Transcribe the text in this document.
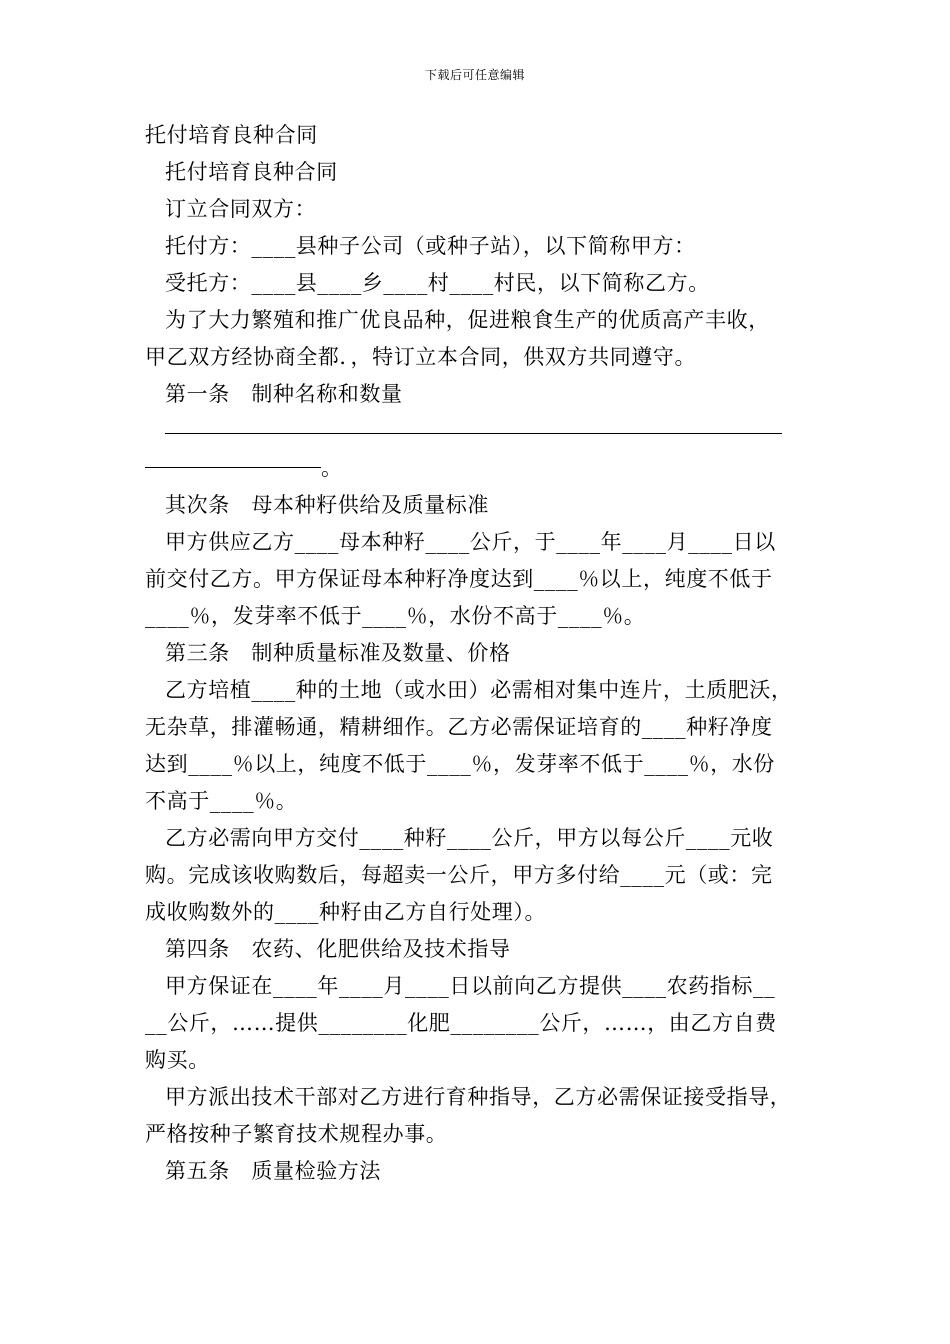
下载后可任意编辑
托付培育良种合同
托付培育良种合同
订立合同双方：
托付方：____县种子公司（或种子站），以下简称甲方：
受托方：____县____乡____村____村民，以下简称乙方。
为了大力繁殖和推广优良品种，促进粮食生产的优质高产丰收，
甲乙双方经协商全都．，特订立本合同，供双方共同遵守。
第一条　制种名称和数量
。
其次条　母本种籽供给及质量标准
甲方供应乙方____母本种籽____公斤，于____年____月____日以
前交付乙方。甲方保证母本种籽净度达到____％以上，纯度不低于
____％，发芽率不低于____％，水份不高于____％。
第三条　制种质量标准及数量、价格
乙方培植____种的土地（或水田）必需相对集中连片，土质肥沃，
无杂草，排灌畅通，精耕细作。乙方必需保证培育的____种籽净度
达到____％以上，纯度不低于____％，发芽率不低于____％，水份
不高于____％。
乙方必需向甲方交付____种籽____公斤，甲方以每公斤____元收
购。完成该收购数后，每超卖一公斤，甲方多付给____元（或：完
成收购数外的____种籽由乙方自行处理）。
第四条　农药、化肥供给及技术指导
甲方保证在____年____月____日以前向乙方提供____农药指标__
__公斤，……提供________化肥________公斤，……，由乙方自费
购买。
甲方派出技术干部对乙方进行育种指导，乙方必需保证接受指导，
严格按种子繁育技术规程办事。
第五条　质量检验方法
